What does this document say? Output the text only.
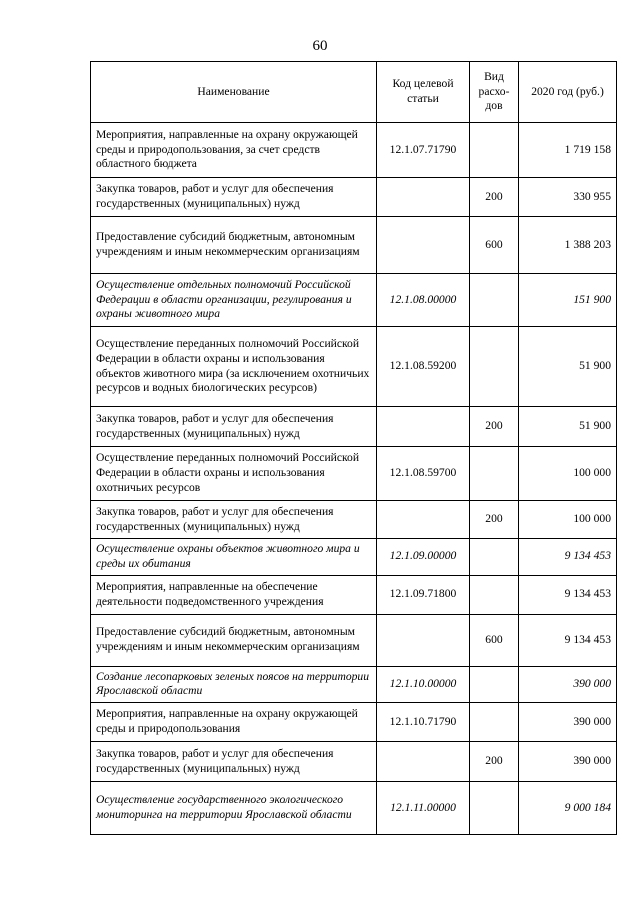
60
Наименование	Код целевой статьи	Вид расхо-дов	2020 год (руб.)
Мероприятия, направленные на охрану окружающей среды и природопользования, за счет средств областного бюджета	12.1.07.71790		1 719 158
Закупка товаров, работ и услуг для обеспечения государственных (муниципальных) нужд		200	330 955
Предоставление субсидий бюджетным, автономным учреждениям и иным некоммерческим организациям		600	1 388 203
Осуществление отдельных полномочий Российской Федерации в области организации, регулирования и охраны животного мира	12.1.08.00000		151 900
Осуществление переданных полномочий Российской Федерации в области охраны и использования объектов животного мира (за исключением охотничьих ресурсов и водных биологических ресурсов)	12.1.08.59200		51 900
Закупка товаров, работ и услуг для обеспечения государственных (муниципальных) нужд		200	51 900
Осуществление переданных полномочий Российской Федерации в области охраны и использования охотничьих ресурсов	12.1.08.59700		100 000
Закупка товаров, работ и услуг для обеспечения государственных (муниципальных) нужд		200	100 000
Осуществление охраны объектов животного мира и среды их обитания	12.1.09.00000		9 134 453
Мероприятия, направленные на обеспечение деятельности подведомственного учреждения	12.1.09.71800		9 134 453
Предоставление субсидий бюджетным, автономным учреждениям и иным некоммерческим организациям		600	9 134 453
Создание лесопарковых зеленых поясов на территории Ярославской области	12.1.10.00000		390 000
Мероприятия, направленные на охрану окружающей среды и природопользования	12.1.10.71790		390 000
Закупка товаров, работ и услуг для обеспечения государственных (муниципальных) нужд		200	390 000
Осуществление государственного экологического мониторинга на территории Ярославской области	12.1.11.00000		9 000 184
